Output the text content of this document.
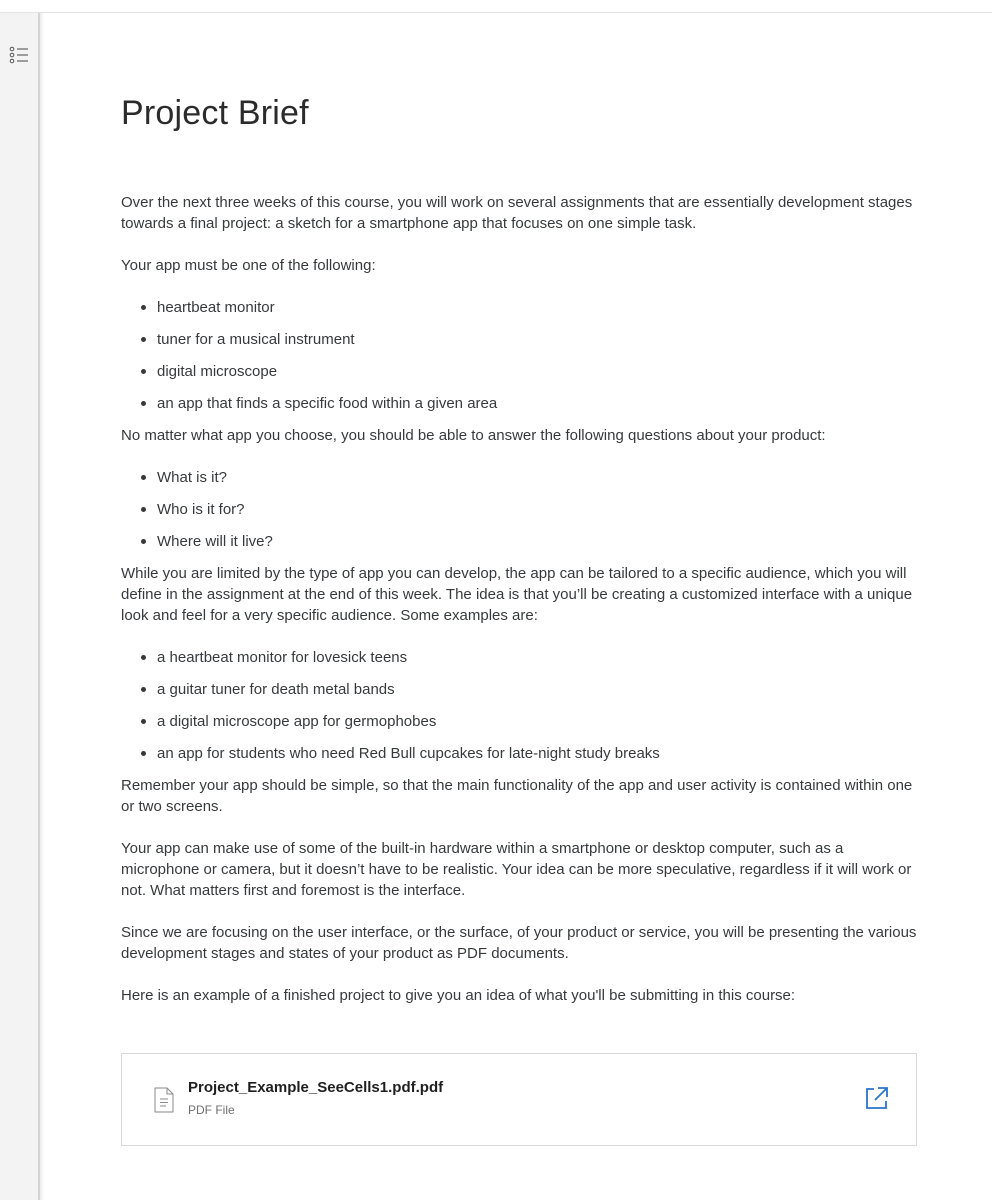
Project Brief

Over the next three weeks of this course, you will work on several assignments that are essentially development stages towards a final project: a sketch for a smartphone app that focuses on one simple task.

Your app must be one of the following:

heartbeat monitor
tuner for a musical instrument
digital microscope
an app that finds a specific food within a given area

No matter what app you choose, you should be able to answer the following questions about your product:

What is it?
Who is it for?
Where will it live?

While you are limited by the type of app you can develop, the app can be tailored to a specific audience, which you will define in the assignment at the end of this week. The idea is that you’ll be creating a customized interface with a unique look and feel for a very specific audience. Some examples are:

a heartbeat monitor for lovesick teens
a guitar tuner for death metal bands
a digital microscope app for germophobes
an app for students who need Red Bull cupcakes for late-night study breaks

Remember your app should be simple, so that the main functionality of the app and user activity is contained within one or two screens.

Your app can make use of some of the built-in hardware within a smartphone or desktop computer, such as a microphone or camera, but it doesn’t have to be realistic. Your idea can be more speculative, regardless if it will work or not. What matters first and foremost is the interface.

Since we are focusing on the user interface, or the surface, of your product or service, you will be presenting the various development stages and states of your product as PDF documents.

Here is an example of a finished project to give you an idea of what you'll be submitting in this course:

Project_Example_SeeCells1.pdf.pdf
PDF File
